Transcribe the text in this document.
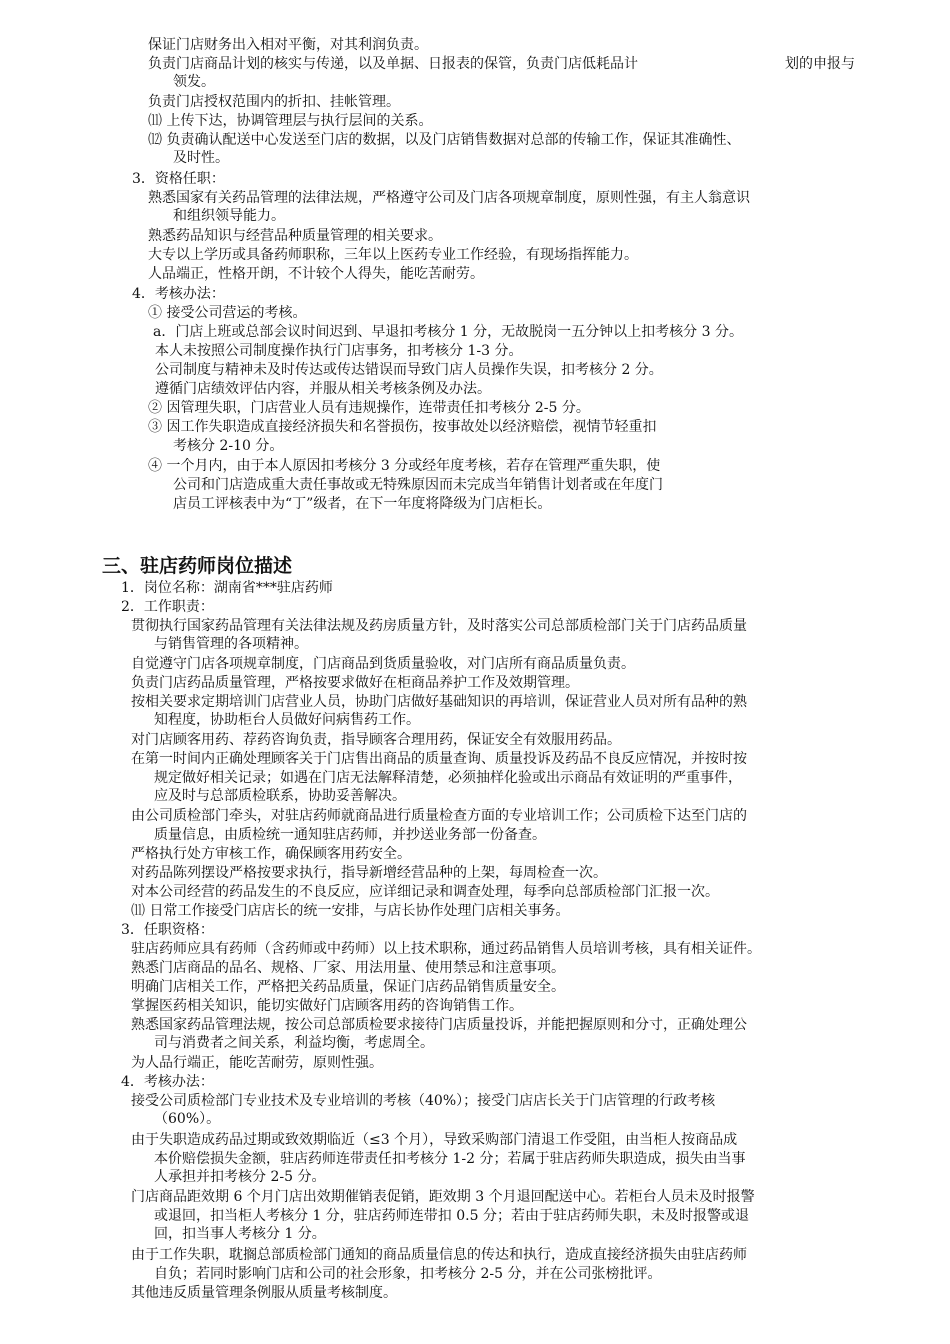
保证门店财务出入相对平衡，对其利润负责。
负责门店商品计划的核实与传递，以及单据、日报表的保管，负责门店低耗品计	划的申报与
领发。
负责门店授权范围内的折扣、挂帐管理。
⑾ 上传下达，协调管理层与执行层间的关系。
⑿ 负责确认配送中心发送至门店的数据，以及门店销售数据对总部的传输工作，保证其准确性、
及时性。
3．资格任职：
熟悉国家有关药品管理的法律法规，严格遵守公司及门店各项规章制度，原则性强，有主人翁意识
和组织领导能力。
熟悉药品知识与经营品种质量管理的相关要求。
大专以上学历或具备药师职称，三年以上医药专业工作经验，有现场指挥能力。
人品端正，性格开朗，不计较个人得失，能吃苦耐劳。
4．考核办法：
① 接受公司营运的考核。
a．门店上班或总部会议时间迟到、早退扣考核分 1 分，无故脱岗一五分钟以上扣考核分 3 分。
本人未按照公司制度操作执行门店事务，扣考核分 1-3 分。
公司制度与精神未及时传达或传达错误而导致门店人员操作失误，扣考核分 2 分。
遵循门店绩效评估内容，并服从相关考核条例及办法。
② 因管理失职，门店营业人员有违规操作，连带责任扣考核分 2-5 分。
③ 因工作失职造成直接经济损失和名誉损伤，按事故处以经济赔偿，视情节轻重扣
考核分 2-10 分。
④ 一个月内，由于本人原因扣考核分 3 分或经年度考核，若存在管理严重失职，使
公司和门店造成重大责任事故或无特殊原因而未完成当年销售计划者或在年度门
店员工评核表中为“丁”级者，在下一年度将降级为门店柜长。
三、驻店药师岗位描述
1．岗位名称：湖南省***驻店药师
2．工作职责：
贯彻执行国家药品管理有关法律法规及药房质量方针，及时落实公司总部质检部门关于门店药品质量
与销售管理的各项精神。
自觉遵守门店各项规章制度，门店商品到货质量验收，对门店所有商品质量负责。
负责门店药品质量管理，严格按要求做好在柜商品养护工作及效期管理。
按相关要求定期培训门店营业人员，协助门店做好基础知识的再培训，保证营业人员对所有品种的熟
知程度，协助柜台人员做好问病售药工作。
对门店顾客用药、荐药咨询负责，指导顾客合理用药，保证安全有效服用药品。
在第一时间内正确处理顾客关于门店售出商品的质量查询、质量投诉及药品不良反应情况，并按时按
规定做好相关记录；如遇在门店无法解释清楚，必须抽样化验或出示商品有效证明的严重事件，
应及时与总部质检联系，协助妥善解决。
由公司质检部门牵头，对驻店药师就商品进行质量检查方面的专业培训工作；公司质检下达至门店的
质量信息，由质检统一通知驻店药师，并抄送业务部一份备查。
严格执行处方审核工作，确保顾客用药安全。
对药品陈列摆设严格按要求执行，指导新增经营品种的上架，每周检查一次。
对本公司经营的药品发生的不良反应，应详细记录和调查处理，每季向总部质检部门汇报一次。
⑾ 日常工作接受门店店长的统一安排，与店长协作处理门店相关事务。
3．任职资格：
驻店药师应具有药师（含药师或中药师）以上技术职称，通过药品销售人员培训考核，具有相关证件。
熟悉门店商品的品名、规格、厂家、用法用量、使用禁忌和注意事项。
明确门店相关工作，严格把关药品质量，保证门店药品销售质量安全。
掌握医药相关知识，能切实做好门店顾客用药的咨询销售工作。
熟悉国家药品管理法规，按公司总部质检要求接待门店质量投诉，并能把握原则和分寸，正确处理公
司与消费者之间关系，利益均衡，考虑周全。
为人品行端正，能吃苦耐劳，原则性强。
4．考核办法：
接受公司质检部门专业技术及专业培训的考核（40%）；接受门店店长关于门店管理的行政考核
（60%）。
由于失职造成药品过期或致效期临近（≤3 个月），导致采购部门清退工作受阻，由当柜人按商品成
本价赔偿损失金额，驻店药师连带责任扣考核分 1-2 分；若属于驻店药师失职造成，损失由当事
人承担并扣考核分 2-5 分。
门店商品距效期 6 个月门店出效期催销表促销，距效期 3 个月退回配送中心。若柜台人员未及时报警
或退回，扣当柜人考核分 1 分，驻店药师连带扣 0.5 分；若由于驻店药师失职，未及时报警或退
回，扣当事人考核分 1 分。
由于工作失职，耽搁总部质检部门通知的商品质量信息的传达和执行，造成直接经济损失由驻店药师
自负；若同时影响门店和公司的社会形象，扣考核分 2-5 分，并在公司张榜批评。
其他违反质量管理条例服从质量考核制度。
